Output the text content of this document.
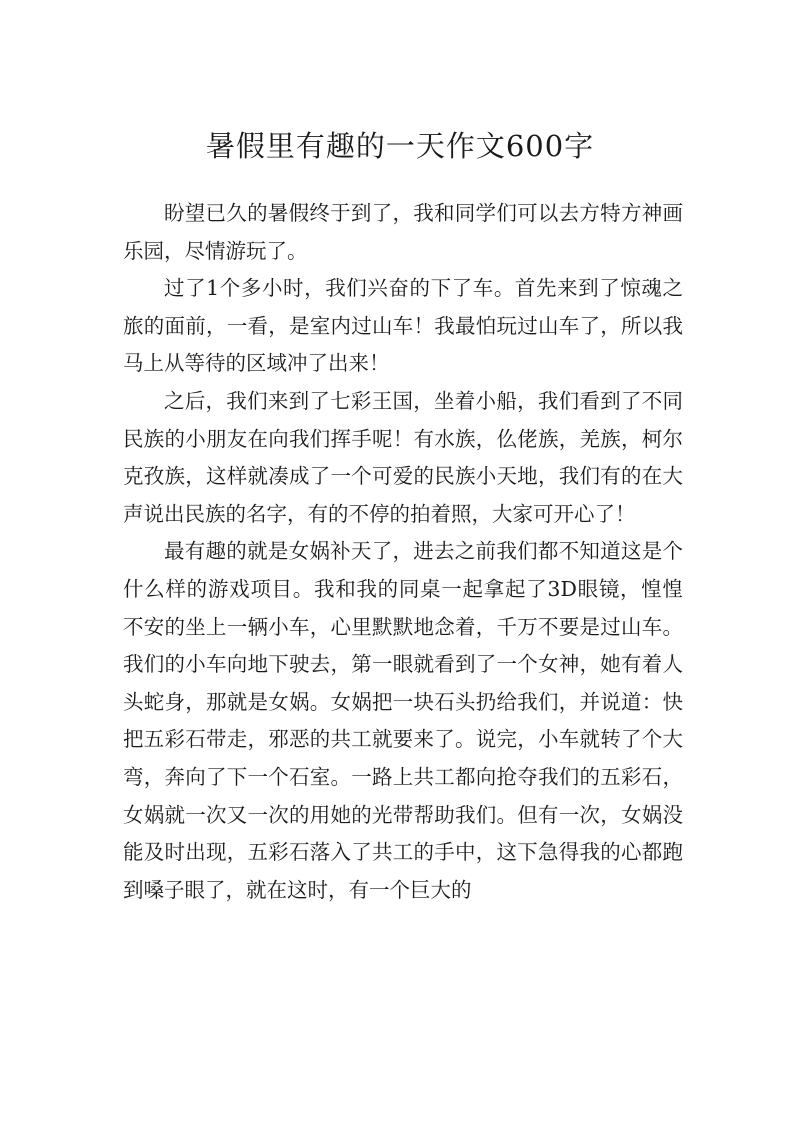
暑假里有趣的一天作文600字

盼望已久的暑假终于到了，我和同学们可以去方特方神画乐园，尽情游玩了。

过了1个多小时，我们兴奋的下了车。首先来到了惊魂之旅的面前，一看，是室内过山车！我最怕玩过山车了，所以我马上从等待的区域冲了出来！

之后，我们来到了七彩王国，坐着小船，我们看到了不同民族的小朋友在向我们挥手呢！有水族，仫佬族，羌族，柯尔克孜族，这样就凑成了一个可爱的民族小天地，我们有的在大声说出民族的名字，有的不停的拍着照，大家可开心了！

最有趣的就是女娲补天了，进去之前我们都不知道这是个什么样的游戏项目。我和我的同桌一起拿起了3D眼镜，惶惶不安的坐上一辆小车，心里默默地念着，千万不要是过山车。我们的小车向地下驶去，第一眼就看到了一个女神，她有着人头蛇身，那就是女娲。女娲把一块石头扔给我们，并说道：快把五彩石带走，邪恶的共工就要来了。说完，小车就转了个大弯，奔向了下一个石室。一路上共工都向抢夺我们的五彩石，女娲就一次又一次的用她的光带帮助我们。但有一次，女娲没能及时出现，五彩石落入了共工的手中，这下急得我的心都跑到嗓子眼了，就在这时，有一个巨大的
